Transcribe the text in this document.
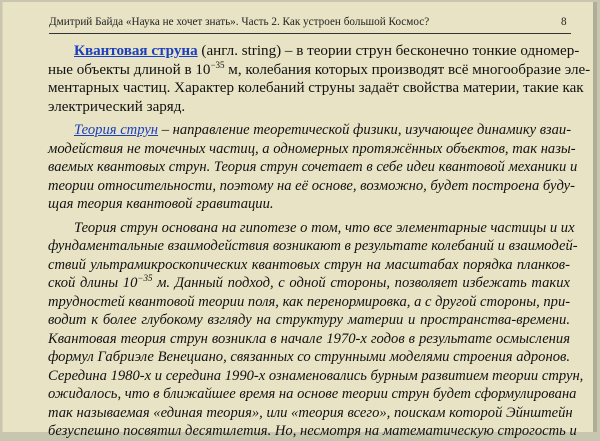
Дмитрий Байда «Наука не хочет знать». Часть 2. Как устроен большой Космос?	8
Квантовая струна (англ. string) – в теории струн бесконечно тонкие одномер-
ные объекты длиной в $10^{-35}$ м, колебания которых производят всё многообразие эле-
ментарных частиц. Характер колебаний струны задаёт свойства материи, такие как
электрический заряд.
Теория струн – направление теоретической физики, изучающее динамику взаи-
модействия не точечных частиц, а одномерных протяжённых объектов, так назы-
ваемых квантовых струн. Теория струн сочетает в себе идеи квантовой механики и
теории относительности, поэтому на её основе, возможно, будет построена буду-
щая теория квантовой гравитации.
Теория струн основана на гипотезе о том, что все элементарные частицы и их
фундаментальные взаимодействия возникают в результате колебаний и взаимодей-
ствий ультрамикроскопических квантовых струн на масштабах порядка планков-
ской длины $10^{-35}$ м. Данный подход, с одной стороны, позволяет избежать таких
трудностей квантовой теории поля, как перенормировка, а с другой стороны, при-
водит к более глубокому взгляду на структуру материи и пространства-времени.
Квантовая теория струн возникла в начале 1970-х годов в результате осмысления
формул Габриэле Венециано, связанных со струнными моделями строения адронов.
Середина 1980-х и середина 1990-х ознаменовались бурным развитием теории струн,
ожидалось, что в ближайшее время на основе теории струн будет сформулирована
так называемая «единая теория», или «теория всего», поискам которой Эйнштейн
безуспешно посвятил десятилетия. Но, несмотря на математическую строгость и
